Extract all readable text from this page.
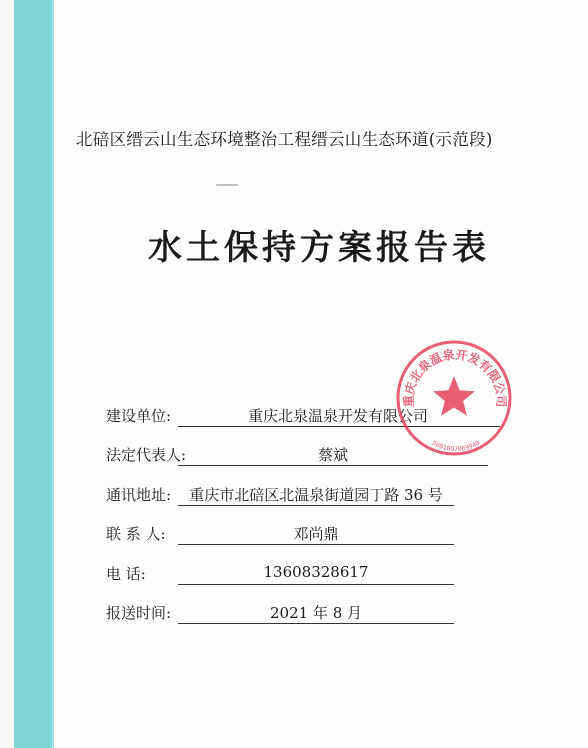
北碚区缙云山生态环境整治工程缙云山生态环道(示范段)
水土保持方案报告表
建设单位:	重庆北泉温泉开发有限公司
法定代表人:	蔡斌
通讯地址:	重庆市北碚区北温泉街道园丁路 36 号
联 系 人:	邓尚鼎
电 话:	13608328617
报送时间:	2021 年 8 月
重庆北泉温泉开发有限公司
5001097069940
